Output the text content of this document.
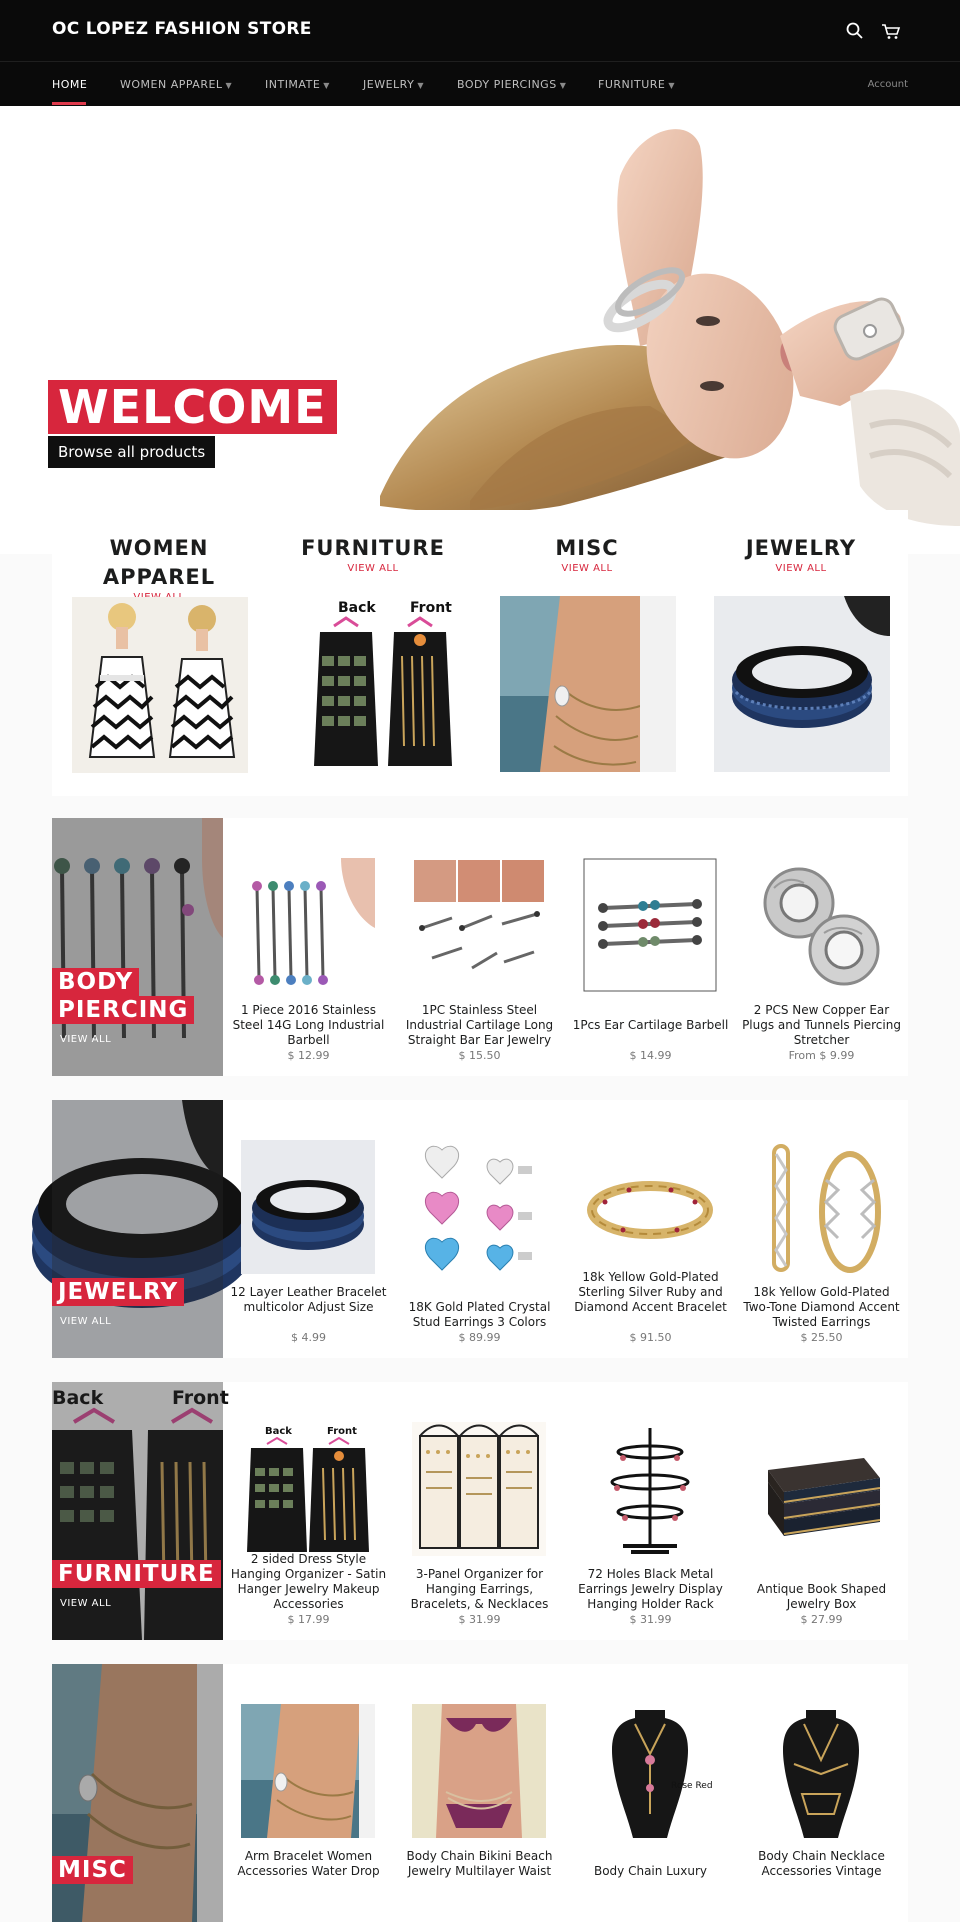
OC LOPEZ FASHION STORE
HOME	WOMEN APPAREL ▼	INTIMATE ▼	JEWELRY ▼	BODY PIERCINGS ▼	FURNITURE ▼	Account
WELCOME
Browse all products
WOMEN APPAREL
FURNITURE
VIEW ALL
Back Front
MISC
VIEW ALL
JEWELRY
VIEW ALL
BODY
PIERCING
VIEW ALL
1 Piece 2016 Stainless Steel 14G Long Industrial Barbell
$ 12.99
1PC Stainless Steel Industrial Cartilage Long Straight Bar Ear Jewelry
$ 15.50
1Pcs Ear Cartilage Barbell
$ 14.99
2 PCS New Copper Ear Plugs and Tunnels Piercing Stretcher
From $ 9.99
JEWELRY
VIEW ALL
12 Layer Leather Bracelet multicolor Adjust Size
$ 4.99
18K Gold Plated Crystal Stud Earrings 3 Colors
$ 89.99
18k Yellow Gold-Plated Sterling Silver Ruby and Diamond Accent Bracelet
$ 91.50
18k Yellow Gold-Plated Two-Tone Diamond Accent Twisted Earrings
$ 25.50
Back	Front
FURNITURE
VIEW ALL
Back	Front
2 sided Dress Style Hanging Organizer - Satin Hanger Jewelry Makeup Accessories
$ 17.99
3-Panel Organizer for Hanging Earrings, Bracelets, & Necklaces
$ 31.99
72 Holes Black Metal Earrings Jewelry Display Hanging Holder Rack
$ 31.99
Antique Book Shaped Jewelry Box
$ 27.99
MISC
Arm Bracelet Women Accessories Water Drop
Body Chain Bikini Beach Jewelry Multilayer Waist
Rose Red
Body Chain Luxury
Body Chain Necklace Accessories Vintage
